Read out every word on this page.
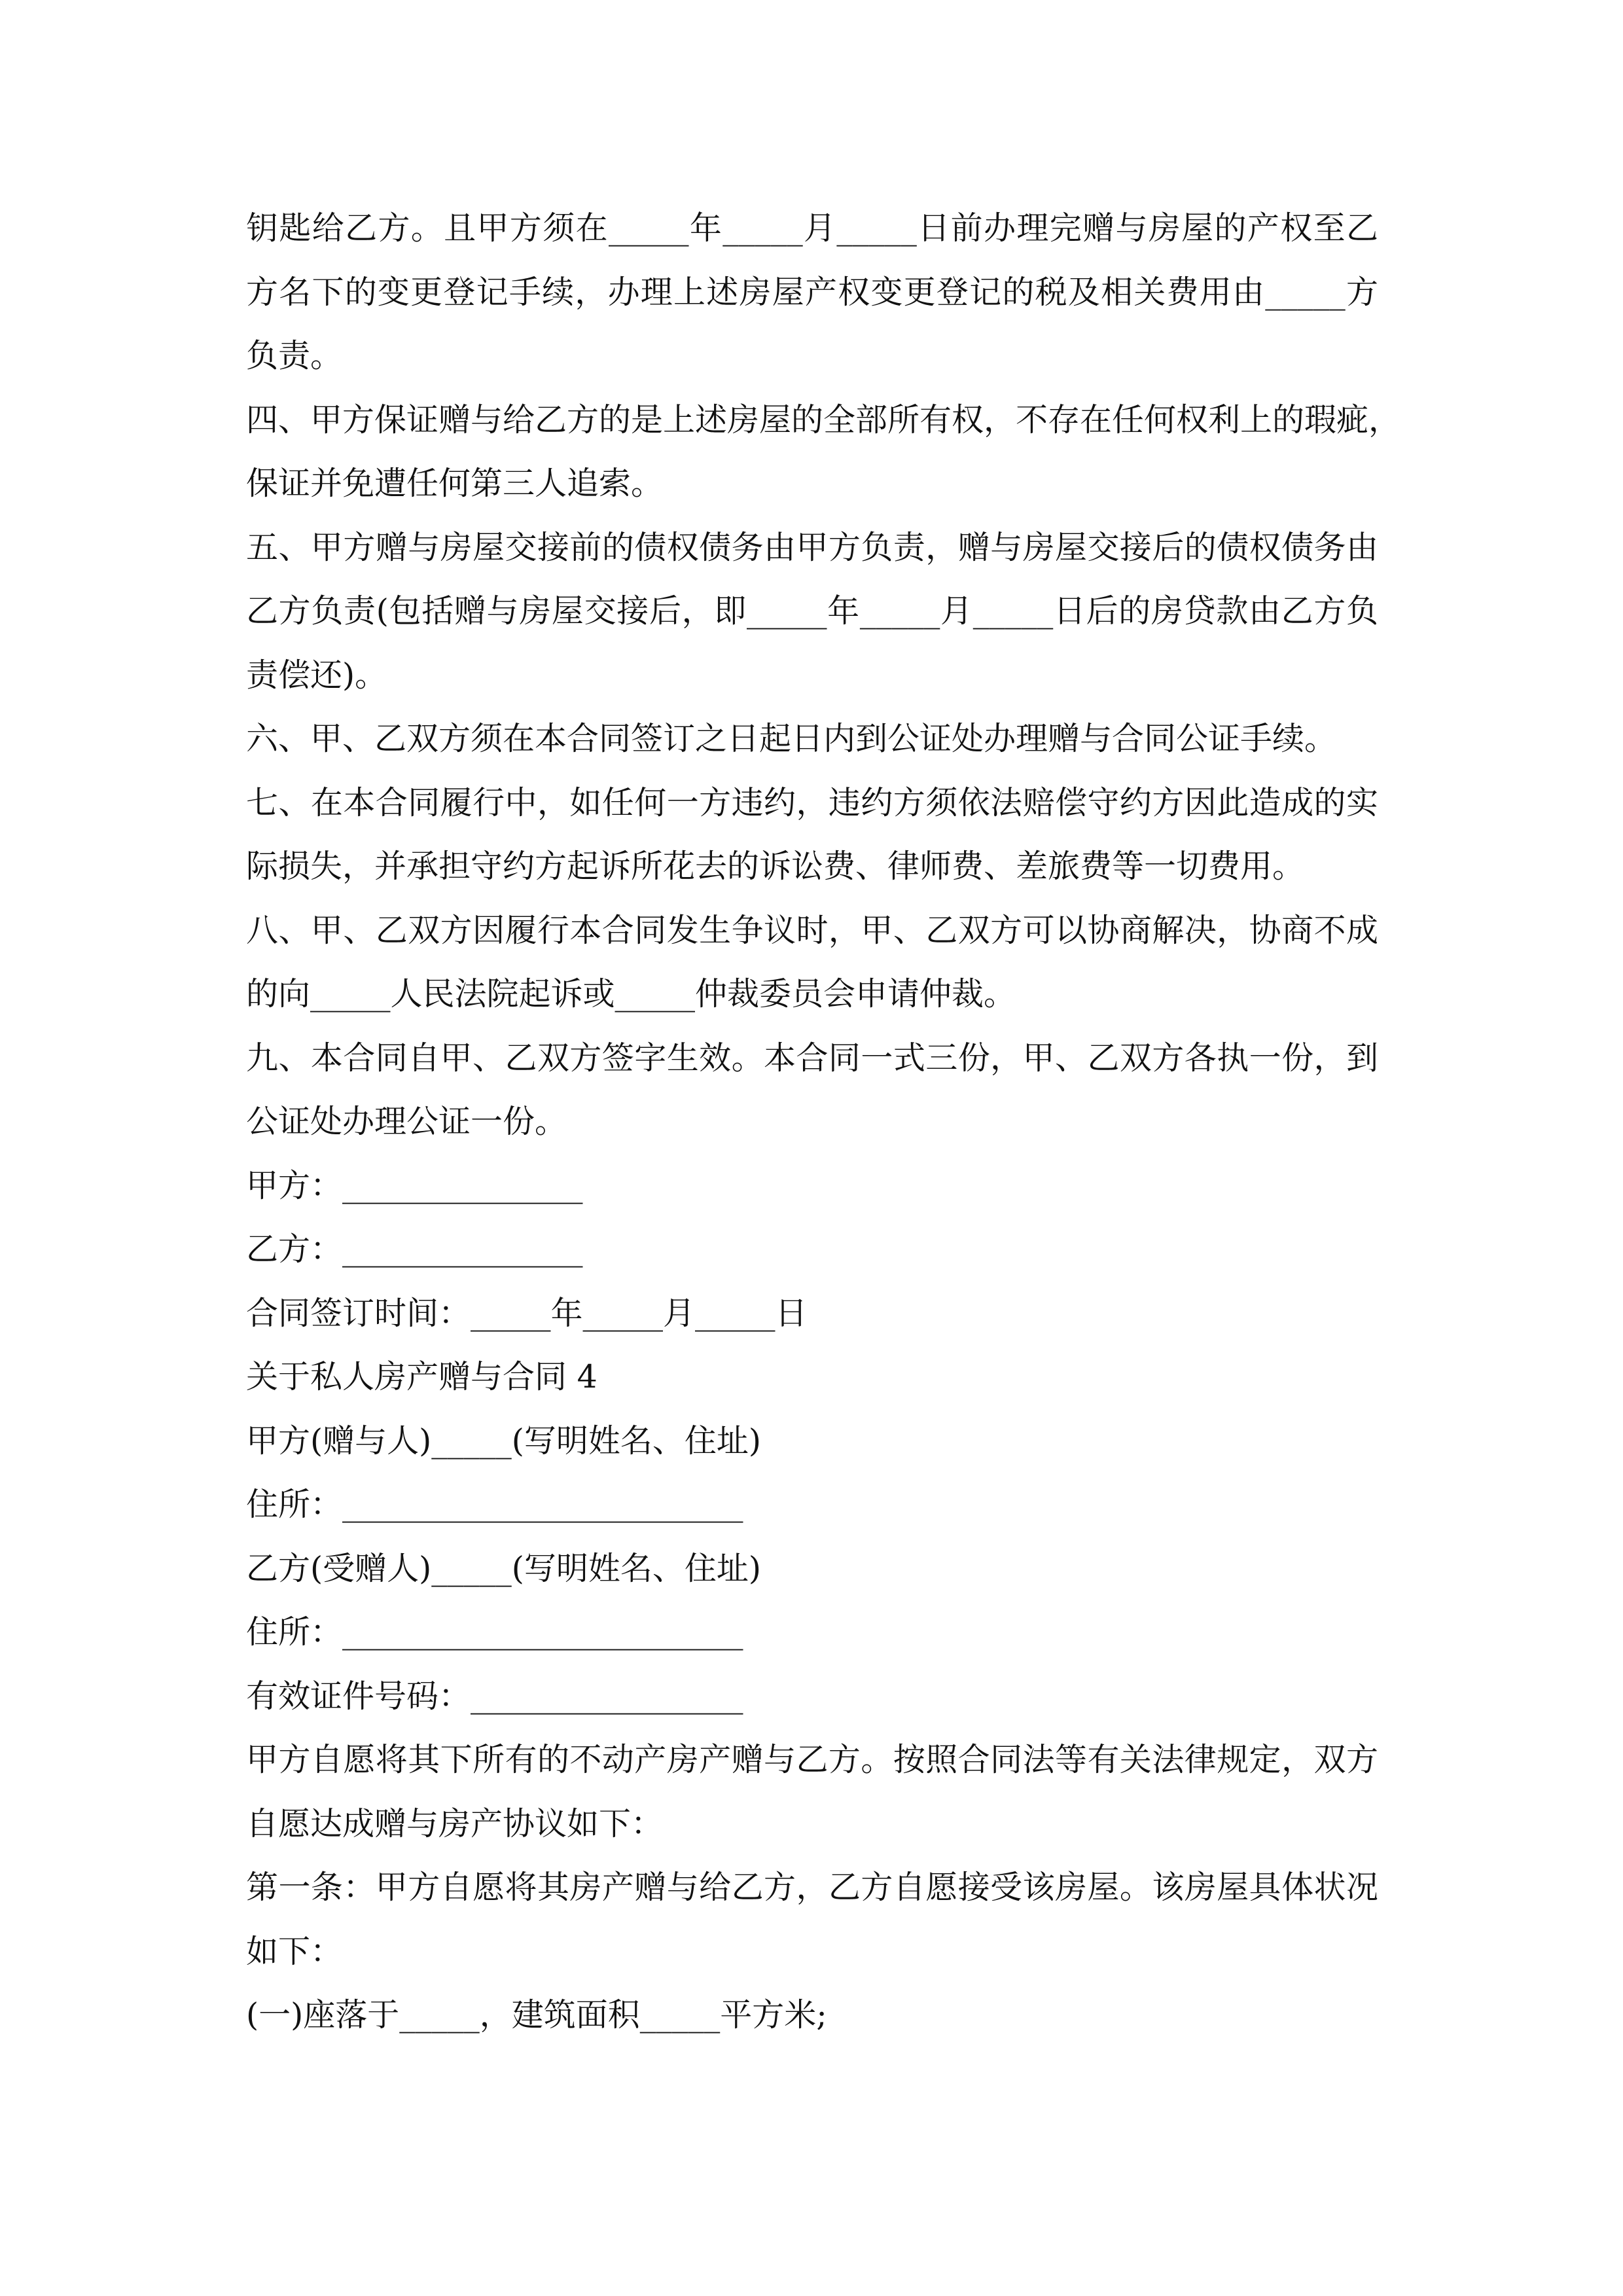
钥匙给乙方。且甲方须在_____年_____月_____日前办理完赠与房屋的产权至乙
方名下的变更登记手续，办理上述房屋产权变更登记的税及相关费用由_____方
负责。
四、甲方保证赠与给乙方的是上述房屋的全部所有权，不存在任何权利上的瑕疵，
保证并免遭任何第三人追索。
五、甲方赠与房屋交接前的债权债务由甲方负责，赠与房屋交接后的债权债务由
乙方负责(包括赠与房屋交接后，即_____年_____月_____日后的房贷款由乙方负
责偿还)。
六、甲、乙双方须在本合同签订之日起日内到公证处办理赠与合同公证手续。
七、在本合同履行中，如任何一方违约，违约方须依法赔偿守约方因此造成的实
际损失，并承担守约方起诉所花去的诉讼费、律师费、差旅费等一切费用。
八、甲、乙双方因履行本合同发生争议时，甲、乙双方可以协商解决，协商不成
的向_____人民法院起诉或_____仲裁委员会申请仲裁。
九、本合同自甲、乙双方签字生效。本合同一式三份，甲、乙双方各执一份，到
公证处办理公证一份。
甲方：_______________
乙方：_______________
合同签订时间：_____年_____月_____日
关于私人房产赠与合同 4
甲方(赠与人)_____(写明姓名、住址)
住所：_________________________
乙方(受赠人)_____(写明姓名、住址)
住所：_________________________
有效证件号码：_________________
甲方自愿将其下所有的不动产房产赠与乙方。按照合同法等有关法律规定，双方
自愿达成赠与房产协议如下：
第一条：甲方自愿将其房产赠与给乙方，乙方自愿接受该房屋。该房屋具体状况
如下：
(一)座落于_____，建筑面积_____平方米;
